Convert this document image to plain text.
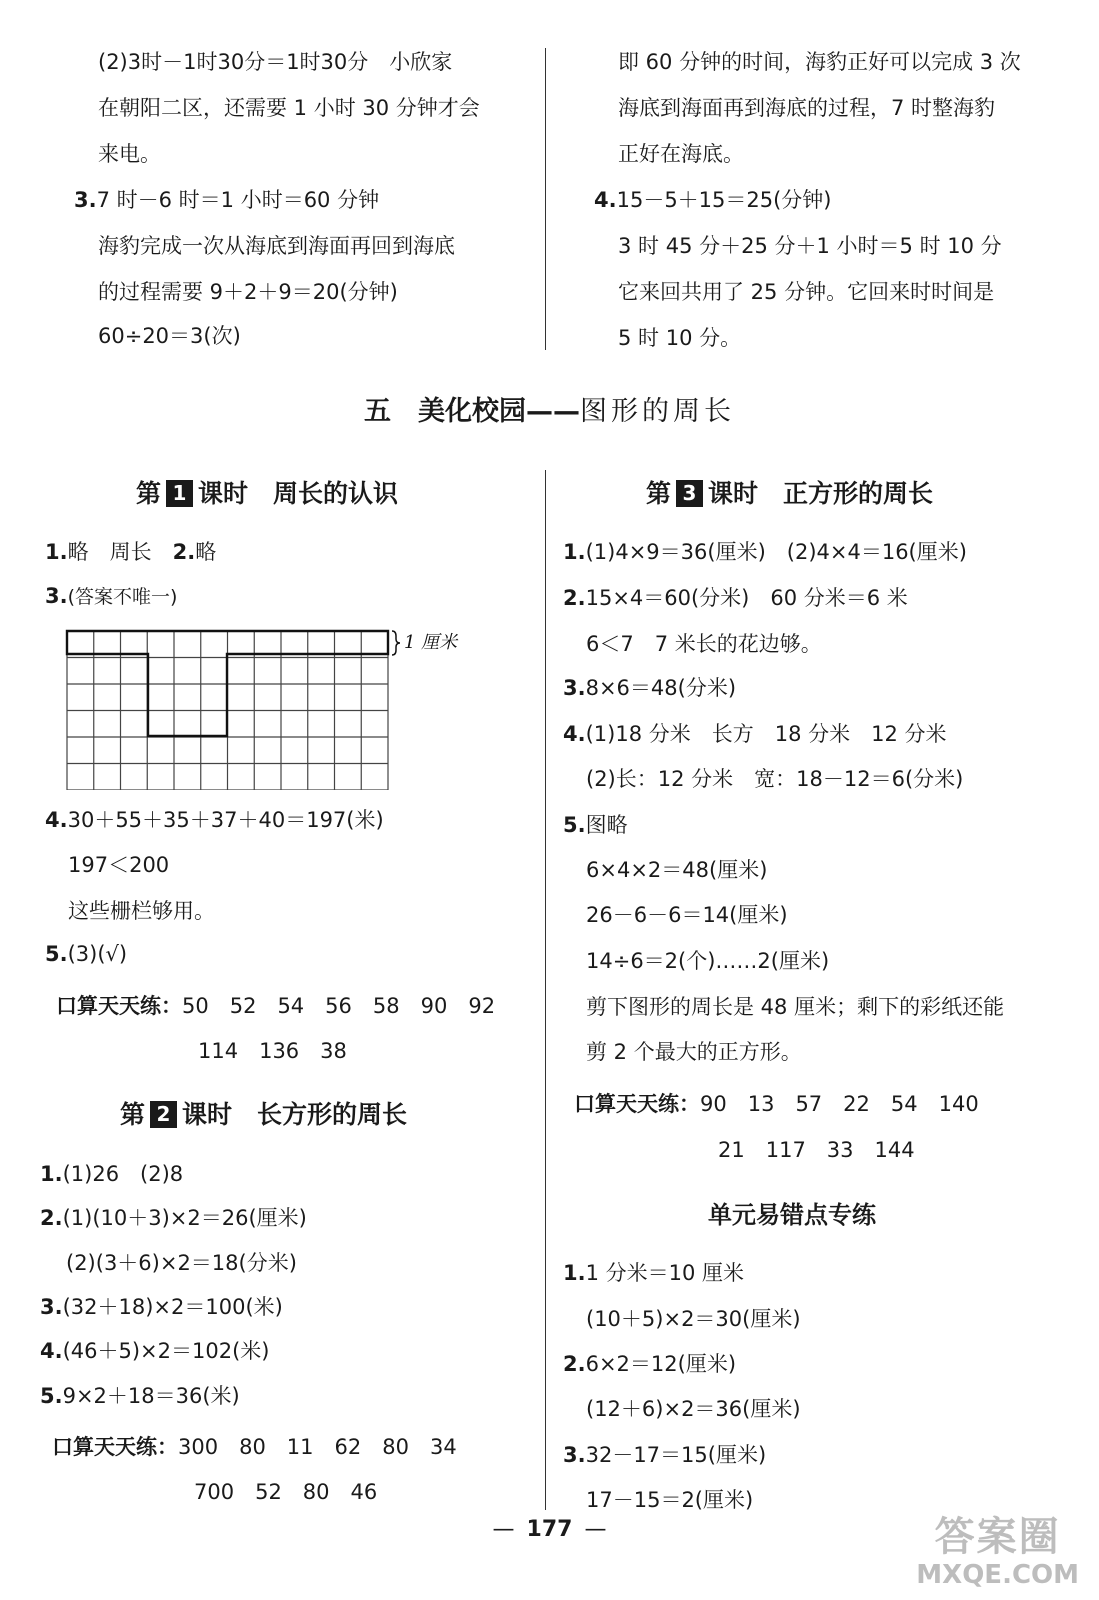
(2)3时－1时30分＝1时30分　小欣家
在朝阳二区，还需要 1 小时 30 分钟才会
来电。
3.7 时－6 时＝1 小时＝60 分钟
海豹完成一次从海底到海面再回到海底
的过程需要 9＋2＋9＝20(分钟)
60÷20＝3(次)
即 60 分钟的时间，海豹正好可以完成 3 次
海底到海面再到海底的过程，7 时整海豹
正好在海底。
4.15－5＋15＝25(分钟)
3 时 45 分＋25 分＋1 小时＝5 时 10 分
它来回共用了 25 分钟。它回来时时间是
5 时 10 分。
五　美化校园——图形的周长
第 1 课时　周长的认识
1.略　周长　2.略
3.(答案不唯一)
1 厘米
4.30＋55＋35＋37＋40＝197(米)
197＜200
这些栅栏够用。
5.(3)(√)
口算天天练：50　52　54　56　58　90　92
114　136　38
第 2 课时　长方形的周长
1.(1)26　(2)8
2.(1)(10＋3)×2＝26(厘米)
(2)(3＋6)×2＝18(分米)
3.(32＋18)×2＝100(米)
4.(46＋5)×2＝102(米)
5.9×2＋18＝36(米)
口算天天练：300　80　11　62　80　34
700　52　80　46
第 3 课时　正方形的周长
1.(1)4×9＝36(厘米)　(2)4×4＝16(厘米)
2.15×4＝60(分米)　60 分米＝6 米
6＜7　7 米长的花边够。
3.8×6＝48(分米)
4.(1)18 分米　长方　18 分米　12 分米
(2)长：12 分米　宽：18－12＝6(分米)
5.图略
6×4×2＝48(厘米)
26－6－6＝14(厘米)
14÷6＝2(个)……2(厘米)
剪下图形的周长是 48 厘米；剩下的彩纸还能
剪 2 个最大的正方形。
口算天天练：90　13　57　22　54　140
21　117　33　144
单元易错点专练
1.1 分米＝10 厘米
(10＋5)×2＝30(厘米)
2.6×2＝12(厘米)
(12＋6)×2＝36(厘米)
3.32－17＝15(厘米)
17－15＝2(厘米)
— 177 —	答案圈
MXQE.COM
